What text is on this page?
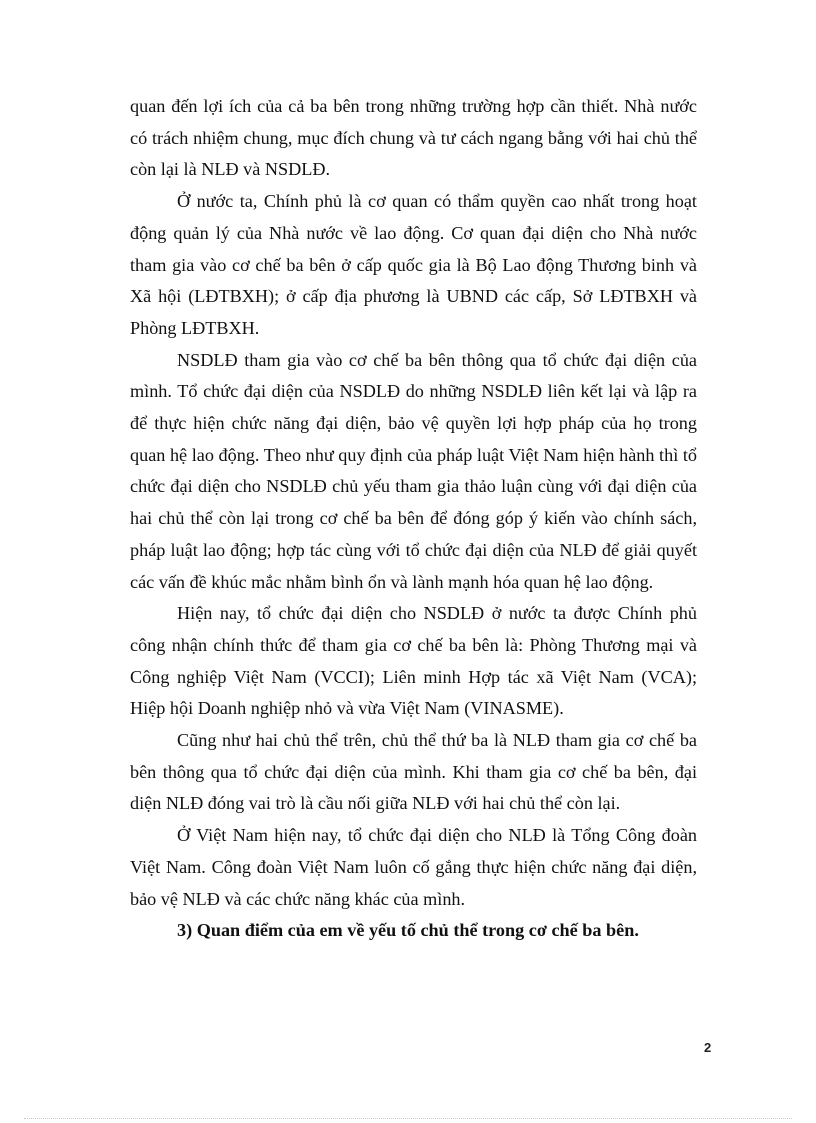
quan đến lợi ích của cả ba bên trong những trường hợp cần thiết. Nhà nước có trách nhiệm chung, mục đích chung và tư cách ngang bằng với hai chủ thể còn lại là NLĐ và NSDLĐ.

Ở nước ta, Chính phủ là cơ quan có thẩm quyền cao nhất trong hoạt động quản lý của Nhà nước về lao động. Cơ quan đại diện cho Nhà nước tham gia vào cơ chế ba bên ở cấp quốc gia là Bộ Lao động Thương binh và Xã hội (LĐTBXH); ở cấp địa phương là UBND các cấp, Sở LĐTBXH và Phòng LĐTBXH.

NSDLĐ tham gia vào cơ chế ba bên thông qua tổ chức đại diện của mình. Tổ chức đại diện của NSDLĐ do những NSDLĐ liên kết lại và lập ra để thực hiện chức năng đại diện, bảo vệ quyền lợi hợp pháp của họ trong quan hệ lao động. Theo như quy định của pháp luật Việt Nam hiện hành thì tổ chức đại diện cho NSDLĐ chủ yếu tham gia thảo luận cùng với đại diện của hai chủ thể còn lại trong cơ chế ba bên để đóng góp ý kiến vào chính sách, pháp luật lao động; hợp tác cùng với tổ chức đại diện của NLĐ để giải quyết các vấn đề khúc mắc nhằm bình ổn và lành mạnh hóa quan hệ lao động.

Hiện nay, tổ chức đại diện cho NSDLĐ ở nước ta được Chính phủ công nhận chính thức để tham gia cơ chế ba bên là: Phòng Thương mại và Công nghiệp Việt Nam (VCCI); Liên minh Hợp tác xã Việt Nam (VCA); Hiệp hội Doanh nghiệp nhỏ và vừa Việt Nam (VINASME).

Cũng như hai chủ thể trên, chủ thể thứ ba là NLĐ tham gia cơ chế ba bên thông qua tổ chức đại diện của mình. Khi tham gia cơ chế ba bên, đại diện NLĐ đóng vai trò là cầu nối giữa NLĐ với hai chủ thể còn lại.

Ở Việt Nam hiện nay, tổ chức đại diện cho NLĐ là Tổng Công đoàn Việt Nam. Công đoàn Việt Nam luôn cố gắng thực hiện chức năng đại diện, bảo vệ NLĐ và các chức năng khác của mình.

3) Quan điểm của em về yếu tố chủ thể trong cơ chế ba bên.

2
